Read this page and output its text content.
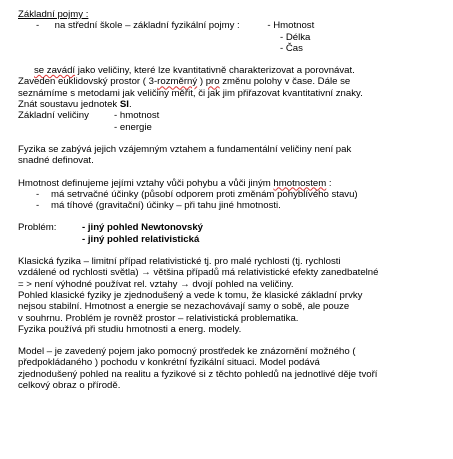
Základní pojmy :
- na střední škole – základní fyzikální pojmy :	- Hmotnost
- Délka
- Čas
se zavádí jako veličiny, které lze kvantitativně charakterizovat a porovnávat.
Zaveden euklidovský prostor ( 3-rozměrný ) pro změnu polohy v čase. Dále se
seznámíme s metodami jak veličiny měřit, či jak jim přiřazovat kvantitativní znaky.
Znát soustavu jednotek SI.
Základní veličiny	- hmotnost
- energie
Fyzika se zabývá jejich vzájemným vztahem a fundamentální veličiny není pak
snadné definovat.
Hmotnost definujeme jejími vztahy vůči pohybu a vůči jiným hmotnostem :
- má setrvačné účinky (působí odporem proti změnám pohyblívého stavu)
- má tíhové (gravitační) účinky – při tahu jiné hmotnosti.
Problém:	- jiný pohled Newtonovský
- jiný pohled relativistická
Klasická fyzika – limitní případ relativistické tj. pro malé rychlosti (tj. rychlosti
vzdálené od rychlosti světla) → většina případů má relativistické efekty zanedbatelné
= > není výhodné používat rel. vztahy → dvojí pohled na veličiny.
Pohled klasické fyziky je zjednodušený a vede k tomu, že klasické základní prvky
nejsou stabilní. Hmotnost a energie se nezachovávají samy o sobě, ale pouze
v souhrnu. Problém je rovněž prostor – relativistická problematika.
Fyzika používá při studiu hmotnosti a energ. modely.
Model – je zavedený pojem jako pomocný prostředek ke znázornění možného (
předpokládaného ) pochodu v konkrétní fyzikální situaci. Model podává
zjednodušený pohled na realitu a fyzikové si z těchto pohledů na jednotlivé děje tvoří
celkový obraz o přírodě.
